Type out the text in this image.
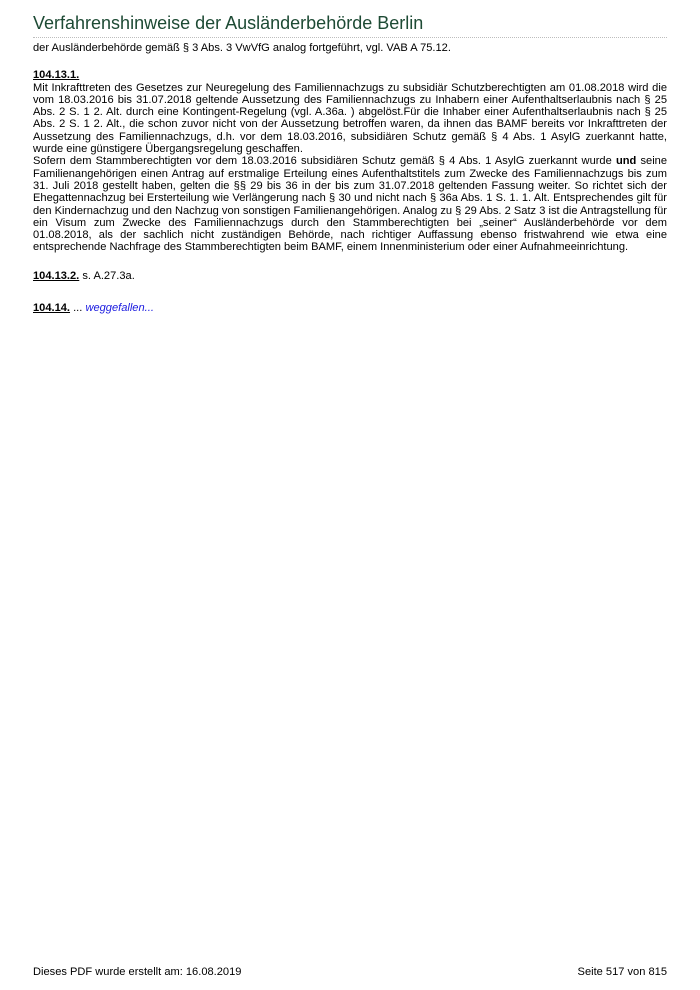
Verfahrenshinweise der Ausländerbehörde Berlin

der Ausländerbehörde gemäß § 3 Abs. 3 VwVfG analog fortgeführt, vgl. VAB A 75.12.

104.13.1.

Mit Inkrafttreten des Gesetzes zur Neuregelung des Familiennachzugs zu subsidiär Schutzberechtigten am 01.08.2018 wird die vom 18.03.2016 bis 31.07.2018 geltende Aussetzung des Familiennachzugs zu Inhabern einer Aufenthaltserlaubnis nach § 25 Abs. 2 S. 1 2. Alt. durch eine Kontingent-Regelung (vgl. A.36a. ) abgelöst.Für die Inhaber einer Aufenthaltserlaubnis nach § 25 Abs. 2 S. 1 2. Alt., die schon zuvor nicht von der Aussetzung betroffen waren, da ihnen das BAMF bereits vor Inkrafttreten der Aussetzung des Familiennachzugs, d.h. vor dem 18.03.2016, subsidiären Schutz gemäß § 4 Abs. 1 AsylG zuerkannt hatte, wurde eine günstigere Übergangsregelung geschaffen.

Sofern dem Stammberechtigten vor dem 18.03.2016 subsidiären Schutz gemäß § 4 Abs. 1 AsylG zuerkannt wurde und seine Familienangehörigen einen Antrag auf erstmalige Erteilung eines Aufenthaltstitels zum Zwecke des Familiennachzugs bis zum 31. Juli 2018 gestellt haben, gelten die §§ 29 bis 36 in der bis zum 31.07.2018 geltenden Fassung weiter. So richtet sich der Ehegattennachzug bei Ersterteilung wie Verlängerung nach § 30 und nicht nach § 36a Abs. 1 S. 1. 1. Alt. Entsprechendes gilt für den Kindernachzug und den Nachzug von sonstigen Familienangehörigen. Analog zu § 29 Abs. 2 Satz 3 ist die Antragstellung für ein Visum zum Zwecke des Familiennachzugs durch den Stammberechtigten bei „seiner“ Ausländerbehörde vor dem 01.08.2018, als der sachlich nicht zuständigen Behörde, nach richtiger Auffassung ebenso fristwahrend wie etwa eine entsprechende Nachfrage des Stammberechtigten beim BAMF, einem Innenministerium oder einer Aufnahmeeinrichtung.

104.13.2. s. A.27.3a.
104.14. ... weggefallen...
Dieses PDF wurde erstellt am: 16.08.2019	Seite 517 von 815
